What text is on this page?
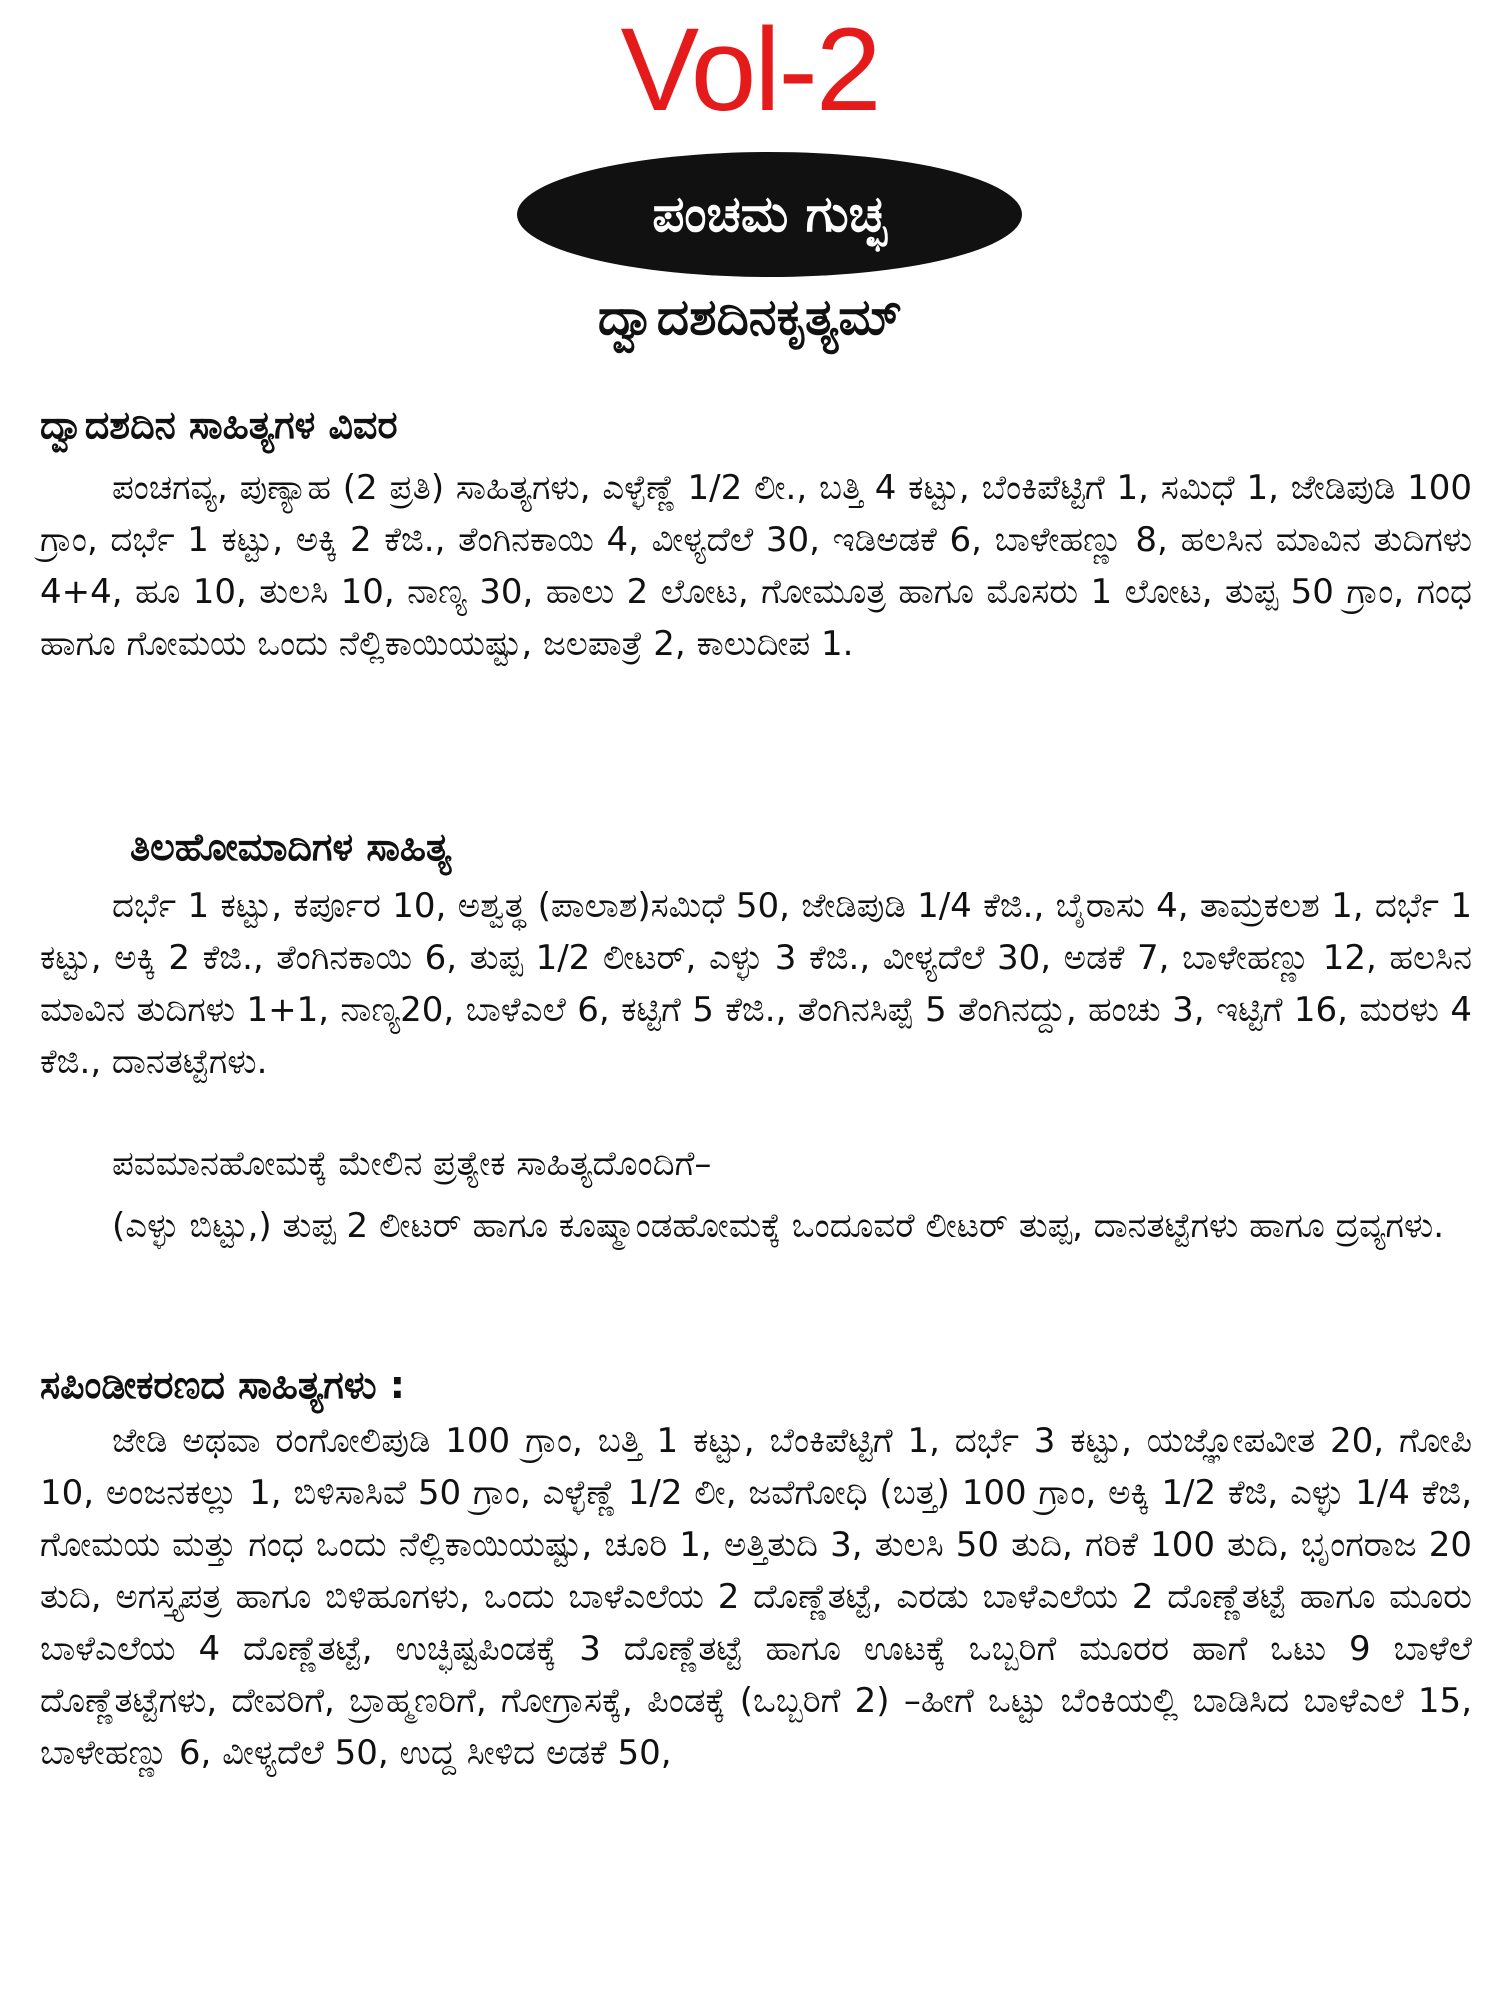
Vol-2
ಪಂಚಮ ಗುಚ್ಛ
ದ್ವಾದಶದಿನಕೃತ್ಯಮ್
ದ್ವಾದಶದಿನ ಸಾಹಿತ್ಯಗಳ ವಿವರ

ಪಂಚಗವ್ಯ, ಪುಣ್ಯಾಹ (2 ಪ್ರತಿ) ಸಾಹಿತ್ಯಗಳು, ಎಳ್ಳೆಣ್ಣೆ 1/2 ಲೀ., ಬತ್ತಿ 4 ಕಟ್ಟು, ಬೆಂಕಿಪೆಟ್ಟಿಗೆ 1, ಸಮಿಧೆ 1, ಜೇಡಿಪುಡಿ 100 ಗ್ರಾಂ, ದರ್ಭೆ 1 ಕಟ್ಟು, ಅಕ್ಕಿ 2 ಕೆಜಿ., ತೆಂಗಿನಕಾಯಿ 4, ವೀಳ್ಯದೆಲೆ 30, ಇಡಿಅಡಕೆ 6, ಬಾಳೇಹಣ್ಣು 8, ಹಲಸಿನ ಮಾವಿನ ತುದಿಗಳು 4+4, ಹೂ 10, ತುಲಸಿ 10, ನಾಣ್ಯ 30, ಹಾಲು 2 ಲೋಟ, ಗೋಮೂತ್ರ ಹಾಗೂ ಮೊಸರು 1 ಲೋಟ, ತುಪ್ಪ 50 ಗ್ರಾಂ, ಗಂಧ ಹಾಗೂ ಗೋಮಯ ಒಂದು ನೆಲ್ಲಿಕಾಯಿಯಷ್ಟು, ಜಲಪಾತ್ರೆ 2, ಕಾಲುದೀಪ 1.

ತಿಲಹೋಮಾದಿಗಳ ಸಾಹಿತ್ಯ

ದರ್ಭೆ 1 ಕಟ್ಟು, ಕರ್ಪೂರ 10, ಅಶ್ವತ್ಥ (ಪಾಲಾಶ)ಸಮಿಧೆ 50, ಜೇಡಿಪುಡಿ 1/4 ಕೆಜಿ., ಬೈರಾಸು 4, ತಾಮ್ರಕಲಶ 1, ದರ್ಭೆ 1 ಕಟ್ಟು, ಅಕ್ಕಿ 2 ಕೆಜಿ., ತೆಂಗಿನಕಾಯಿ 6, ತುಪ್ಪ 1/2 ಲೀಟರ್, ಎಳ್ಳು 3 ಕೆಜಿ., ವೀಳ್ಯದೆಲೆ 30, ಅಡಕೆ 7, ಬಾಳೇಹಣ್ಣು 12, ಹಲಸಿನ ಮಾವಿನ ತುದಿಗಳು 1+1, ನಾಣ್ಯ20, ಬಾಳೆಎಲೆ 6, ಕಟ್ಟಿಗೆ 5 ಕೆಜಿ., ತೆಂಗಿನಸಿಪ್ಪೆ 5 ತೆಂಗಿನದ್ದು, ಹಂಚು 3, ಇಟ್ಟಿಗೆ 16, ಮರಳು 4 ಕೆಜಿ., ದಾನತಟ್ಟೆಗಳು.

ಪವಮಾನಹೋಮಕ್ಕೆ ಮೇಲಿನ ಪ್ರತ್ಯೇಕ ಸಾಹಿತ್ಯದೊಂದಿಗೆ–

(ಎಳ್ಳು ಬಿಟ್ಟು,) ತುಪ್ಪ 2 ಲೀಟರ್ ಹಾಗೂ ಕೂಷ್ಮಾಂಡಹೋಮಕ್ಕೆ ಒಂದೂವರೆ ಲೀಟರ್ ತುಪ್ಪ, ದಾನತಟ್ಟೆಗಳು ಹಾಗೂ ದ್ರವ್ಯಗಳು.

ಸಪಿಂಡೀಕರಣದ ಸಾಹಿತ್ಯಗಳು :

ಜೇಡಿ ಅಥವಾ ರಂಗೋಲಿಪುಡಿ 100 ಗ್ರಾಂ, ಬತ್ತಿ 1 ಕಟ್ಟು, ಬೆಂಕಿಪೆಟ್ಟಿಗೆ 1, ದರ್ಭೆ 3 ಕಟ್ಟು, ಯಜ್ಞೋಪವೀತ 20, ಗೋಪಿ 10, ಅಂಜನಕಲ್ಲು 1, ಬಿಳಿಸಾಸಿವೆ 50 ಗ್ರಾಂ, ಎಳ್ಳೆಣ್ಣೆ 1/2 ಲೀ, ಜವೆಗೋಧಿ (ಬತ್ತ) 100 ಗ್ರಾಂ, ಅಕ್ಕಿ 1/2 ಕೆಜಿ, ಎಳ್ಳು 1/4 ಕೆಜಿ, ಗೋಮಯ ಮತ್ತು ಗಂಧ ಒಂದು ನೆಲ್ಲಿಕಾಯಿಯಷ್ಟು, ಚೂರಿ 1, ಅತ್ತಿತುದಿ 3, ತುಲಸಿ 50 ತುದಿ, ಗರಿಕೆ 100 ತುದಿ, ಭೃಂಗರಾಜ 20 ತುದಿ, ಅಗಸ್ತ್ಯಪತ್ರ ಹಾಗೂ ಬಿಳಿಹೂಗಳು, ಒಂದು ಬಾಳೆಎಲೆಯ 2 ದೊಣ್ಣೆತಟ್ಟೆ, ಎರಡು ಬಾಳೆಎಲೆಯ 2 ದೊಣ್ಣೆತಟ್ಟೆ ಹಾಗೂ ಮೂರು ಬಾಳೆಎಲೆಯ 4 ದೊಣ್ಣೆತಟ್ಟೆ, ಉಚ್ಛಿಷ್ಟಪಿಂಡಕ್ಕೆ 3 ದೊಣ್ಣೆತಟ್ಟೆ ಹಾಗೂ ಊಟಕ್ಕೆ ಒಬ್ಬರಿಗೆ ಮೂರರ ಹಾಗೆ ಒಟು 9 ಬಾಳೆಲೆ ದೊಣ್ಣೆತಟ್ಟೆಗಳು, ದೇವರಿಗೆ, ಬ್ರಾಹ್ಮಣರಿಗೆ, ಗೋಗ್ರಾಸಕ್ಕೆ, ಪಿಂಡಕ್ಕೆ (ಒಬ್ಬರಿಗೆ 2) –ಹೀಗೆ ಒಟ್ಟು ಬೆಂಕಿಯಲ್ಲಿ ಬಾಡಿಸಿದ ಬಾಳೆಎಲೆ 15, ಬಾಳೇಹಣ್ಣು 6, ವೀಳ್ಯದೆಲೆ 50, ಉದ್ದ ಸೀಳಿದ ಅಡಕೆ 50,
